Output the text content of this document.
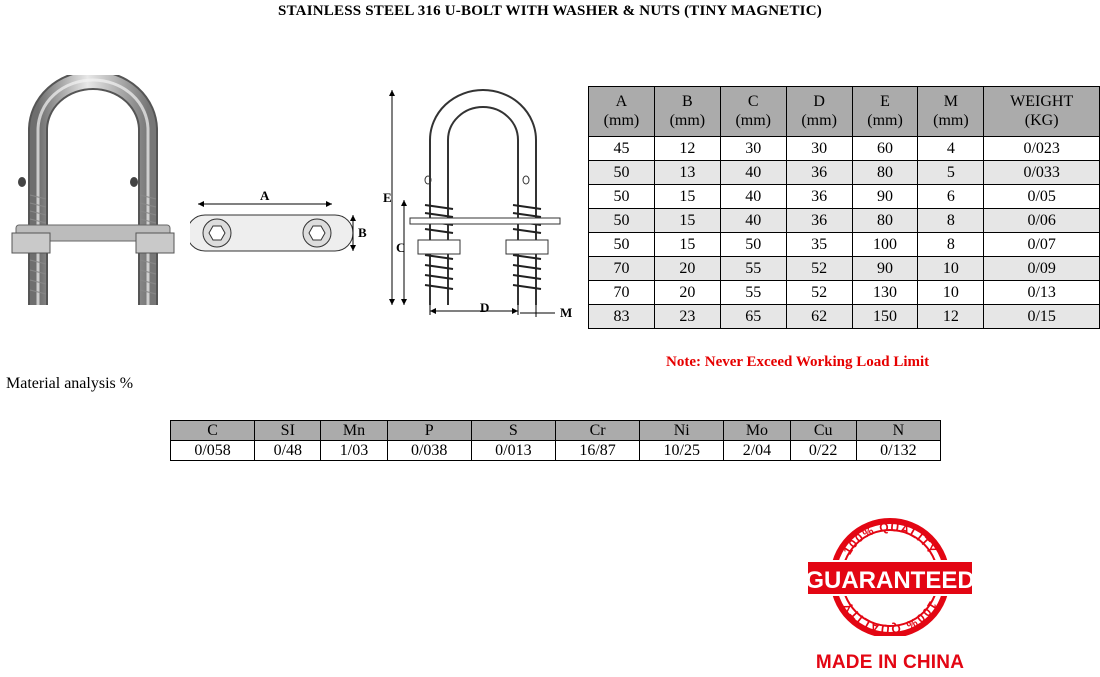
STAINLESS STEEL 316 U-BOLT WITH WASHER & NUTS (TINY MAGNETIC)
A
B
E
C
D	M
A	B	C	D	E	M	WEIGHT
(mm)	(mm)	(mm)	(mm)	(mm)	(mm)	(KG)
45	12	30	30	60	4	0/023
50	13	40	36	80	5	0/033
50	15	40	36	90	6	0/05
50	15	40	36	80	8	0/06
50	15	50	35	100	8	0/07
70	20	55	52	90	10	0/09
70	20	55	52	130	10	0/13
83	23	65	62	150	12	0/15
Note: Never Exceed Working Load Limit
Material analysis %
C	SI	Mn	P	S	Cr	Ni	Mo	Cu	N
0/058	0/48	1/03	0/038	0/013	16/87	10/25	2/04	0/22	0/132
100% QUALITY
100% QUALITY
GUARANTEED
MADE IN CHINA
